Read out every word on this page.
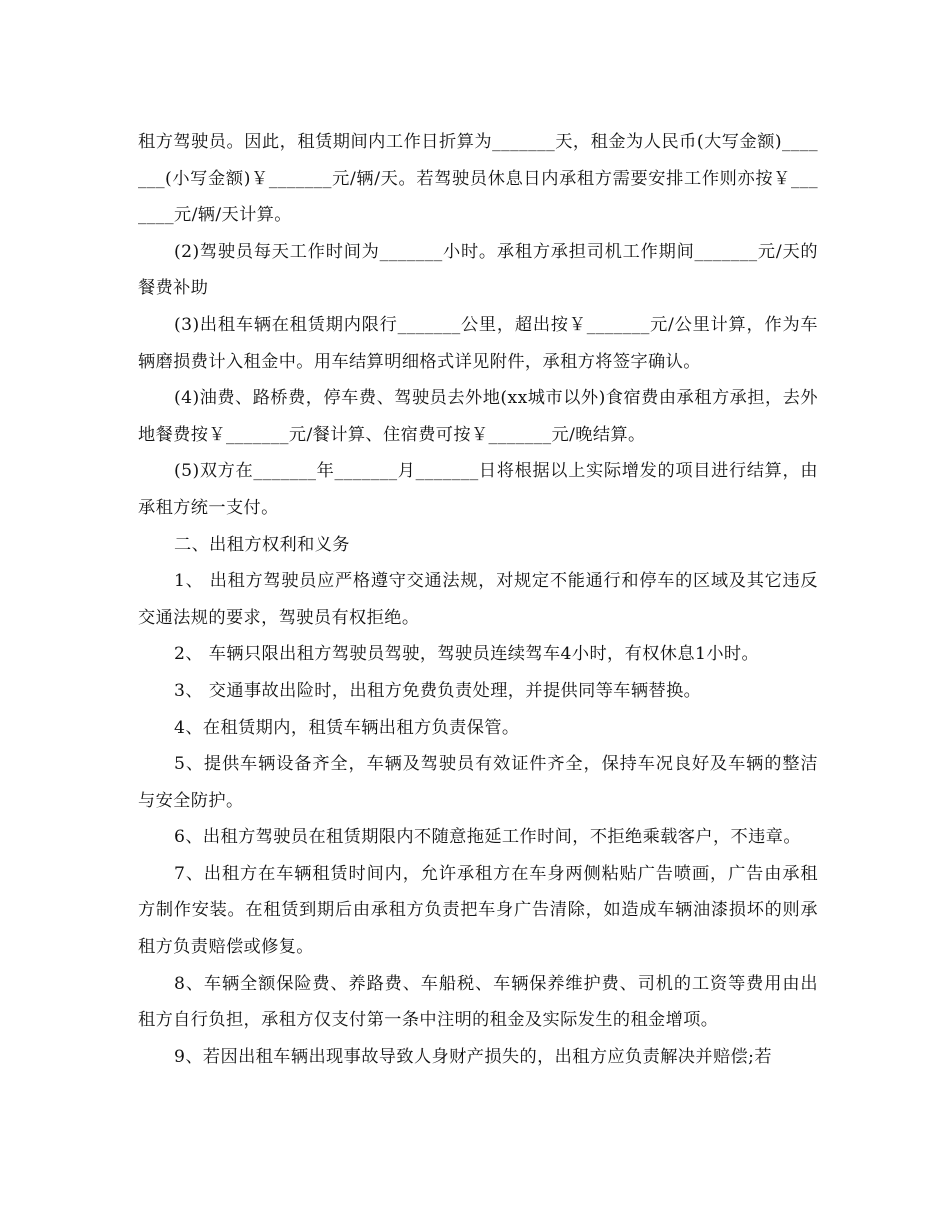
租方驾驶员。因此，租赁期间内工作日折算为_______天，租金为人民币(大写金额)_______(小写金额)￥_______元/辆/天。若驾驶员休息日内承租方需要安排工作则亦按￥_______元/辆/天计算。

(2)驾驶员每天工作时间为_______小时。承租方承担司机工作期间_______元/天的餐费补助

(3)出租车辆在租赁期内限行_______公里，超出按￥_______元/公里计算，作为车辆磨损费计入租金中。用车结算明细格式详见附件，承租方将签字确认。

(4)油费、路桥费，停车费、驾驶员去外地(xx城市以外)食宿费由承租方承担，去外地餐费按￥_______元/餐计算、住宿费可按￥_______元/晚结算。

(5)双方在_______年_______月_______日将根据以上实际增发的项目进行结算，由承租方统一支付。

二、出租方权利和义务

1、 出租方驾驶员应严格遵守交通法规，对规定不能通行和停车的区域及其它违反交通法规的要求，驾驶员有权拒绝。

2、 车辆只限出租方驾驶员驾驶，驾驶员连续驾车4小时，有权休息1小时。

3、 交通事故出险时，出租方免费负责处理，并提供同等车辆替换。

4、在租赁期内，租赁车辆出租方负责保管。

5、提供车辆设备齐全，车辆及驾驶员有效证件齐全，保持车况良好及车辆的整洁与安全防护。

6、出租方驾驶员在租赁期限内不随意拖延工作时间，不拒绝乘载客户，不违章。

7、出租方在车辆租赁时间内，允许承租方在车身两侧粘贴广告喷画，广告由承租方制作安装。在租赁到期后由承租方负责把车身广告清除，如造成车辆油漆损坏的则承租方负责赔偿或修复。

8、车辆全额保险费、养路费、车船税、车辆保养维护费、司机的工资等费用由出租方自行负担，承租方仅支付第一条中注明的租金及实际发生的租金增项。

9、若因出租车辆出现事故导致人身财产损失的，出租方应负责解决并赔偿;若
